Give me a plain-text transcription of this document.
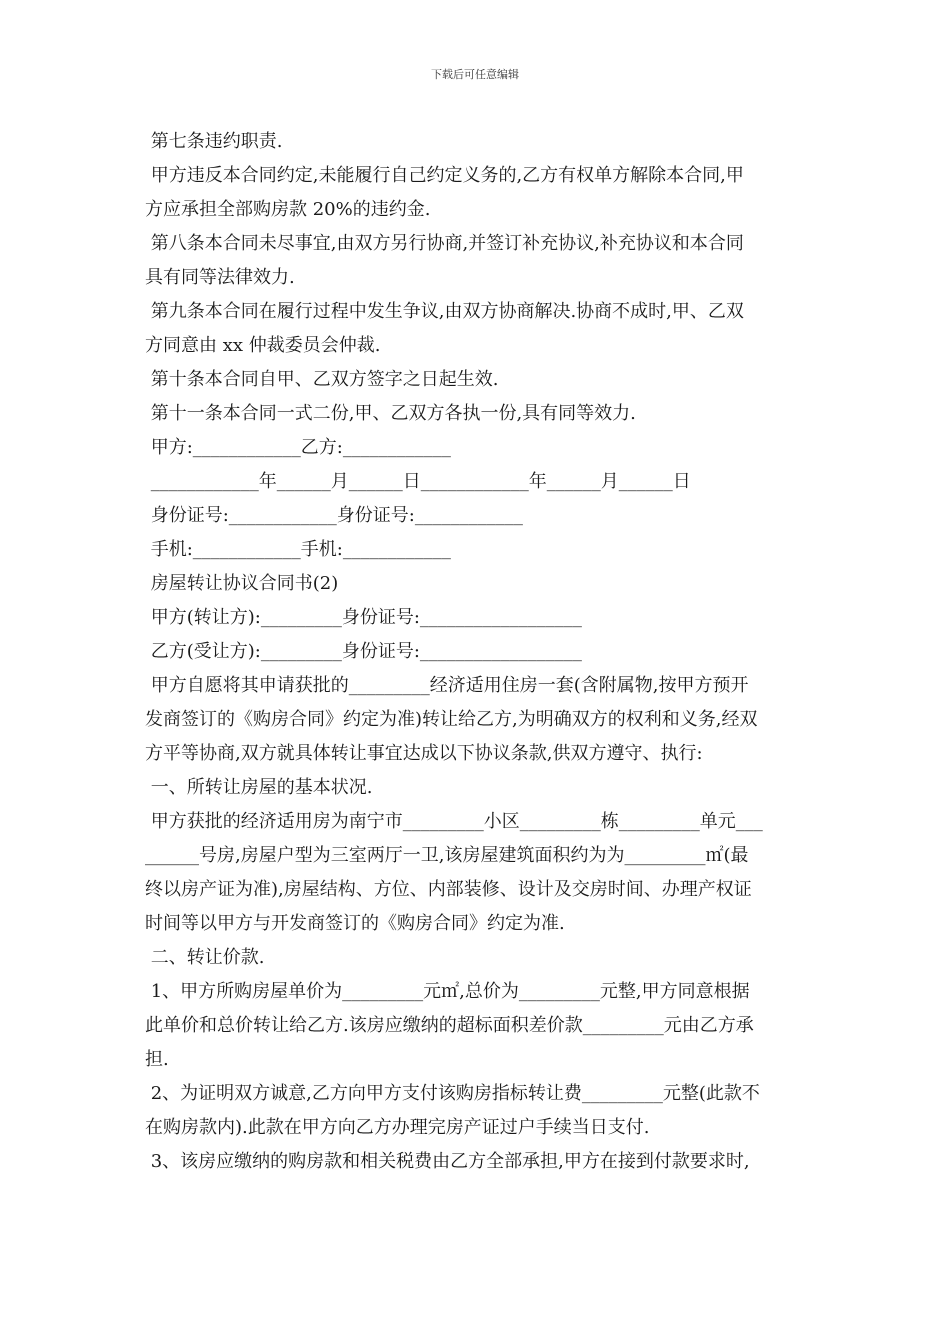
下载后可任意编辑
第七条违约职责.
甲方违反本合同约定,未能履行自己约定义务的,乙方有权单方解除本合同,甲
方应承担全部购房款 20%的违约金.
第八条本合同未尽事宜,由双方另行协商,并签订补充协议,补充协议和本合同
具有同等法律效力.
第九条本合同在履行过程中发生争议,由双方协商解决.协商不成时,甲、乙双
方同意由 xx 仲裁委员会仲裁.
第十条本合同自甲、乙双方签字之日起生效.
第十一条本合同一式二份,甲、乙双方各执一份,具有同等效力.
甲方:____________乙方:____________
____________年______月______日____________年______月______日
身份证号:____________身份证号:____________
手机:____________手机:____________
房屋转让协议合同书(2)
甲方(转让方):_________身份证号:__________________
乙方(受让方):_________身份证号:__________________
甲方自愿将其申请获批的_________经济适用住房一套(含附属物,按甲方预开
发商签订的《购房合同》约定为准)转让给乙方,为明确双方的权利和义务,经双
方平等协商,双方就具体转让事宜达成以下协议条款,供双方遵守、执行:
一、所转让房屋的基本状况.
甲方获批的经济适用房为南宁市_________小区_________栋_________单元___
______号房,房屋户型为三室两厅一卫,该房屋建筑面积约为为_________㎡(最
终以房产证为准),房屋结构、方位、内部装修、设计及交房时间、办理产权证
时间等以甲方与开发商签订的《购房合同》约定为准.
二、转让价款.
1、甲方所购房屋单价为_________元㎡,总价为_________元整,甲方同意根据
此单价和总价转让给乙方.该房应缴纳的超标面积差价款_________元由乙方承
担.
2、为证明双方诚意,乙方向甲方支付该购房指标转让费_________元整(此款不
在购房款内).此款在甲方向乙方办理完房产证过户手续当日支付.
3、该房应缴纳的购房款和相关税费由乙方全部承担,甲方在接到付款要求时,
